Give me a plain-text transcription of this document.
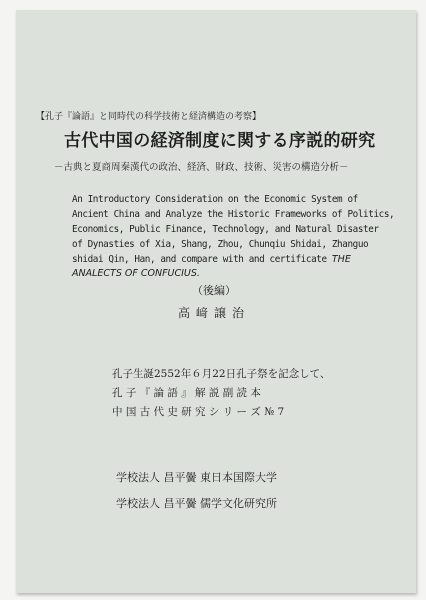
【孔子『論語』と同時代の科学技術と経済構造の考察】
古代中国の経済制度に関する序説的研究
－古典と夏商周秦漢代の政治、経済、財政、技術、災害の構造分析－
An Introductory Consideration on the Economic System of
Ancient China and Analyze the Historic Frameworks of Politics,
Economics, Public Finance, Technology, and Natural Disaster
of Dynasties of Xia, Shang, Zhou, Chunqiu Shidai, Zhanguo
shidai Qin, Han, and compare with and certificate THE
ANALECTS OF CONFUCIUS.
（後編）
高﨑譲治
孔子生誕2552年６月22日孔子祭を記念して、
孔 子 『 論 語 』 解 説 副 読 本
中 国 古 代 史 研 究 シ リ ー ズ № 7
学校法人 昌平黌 東日本国際大学
学校法人 昌平黌 儒学文化研究所
